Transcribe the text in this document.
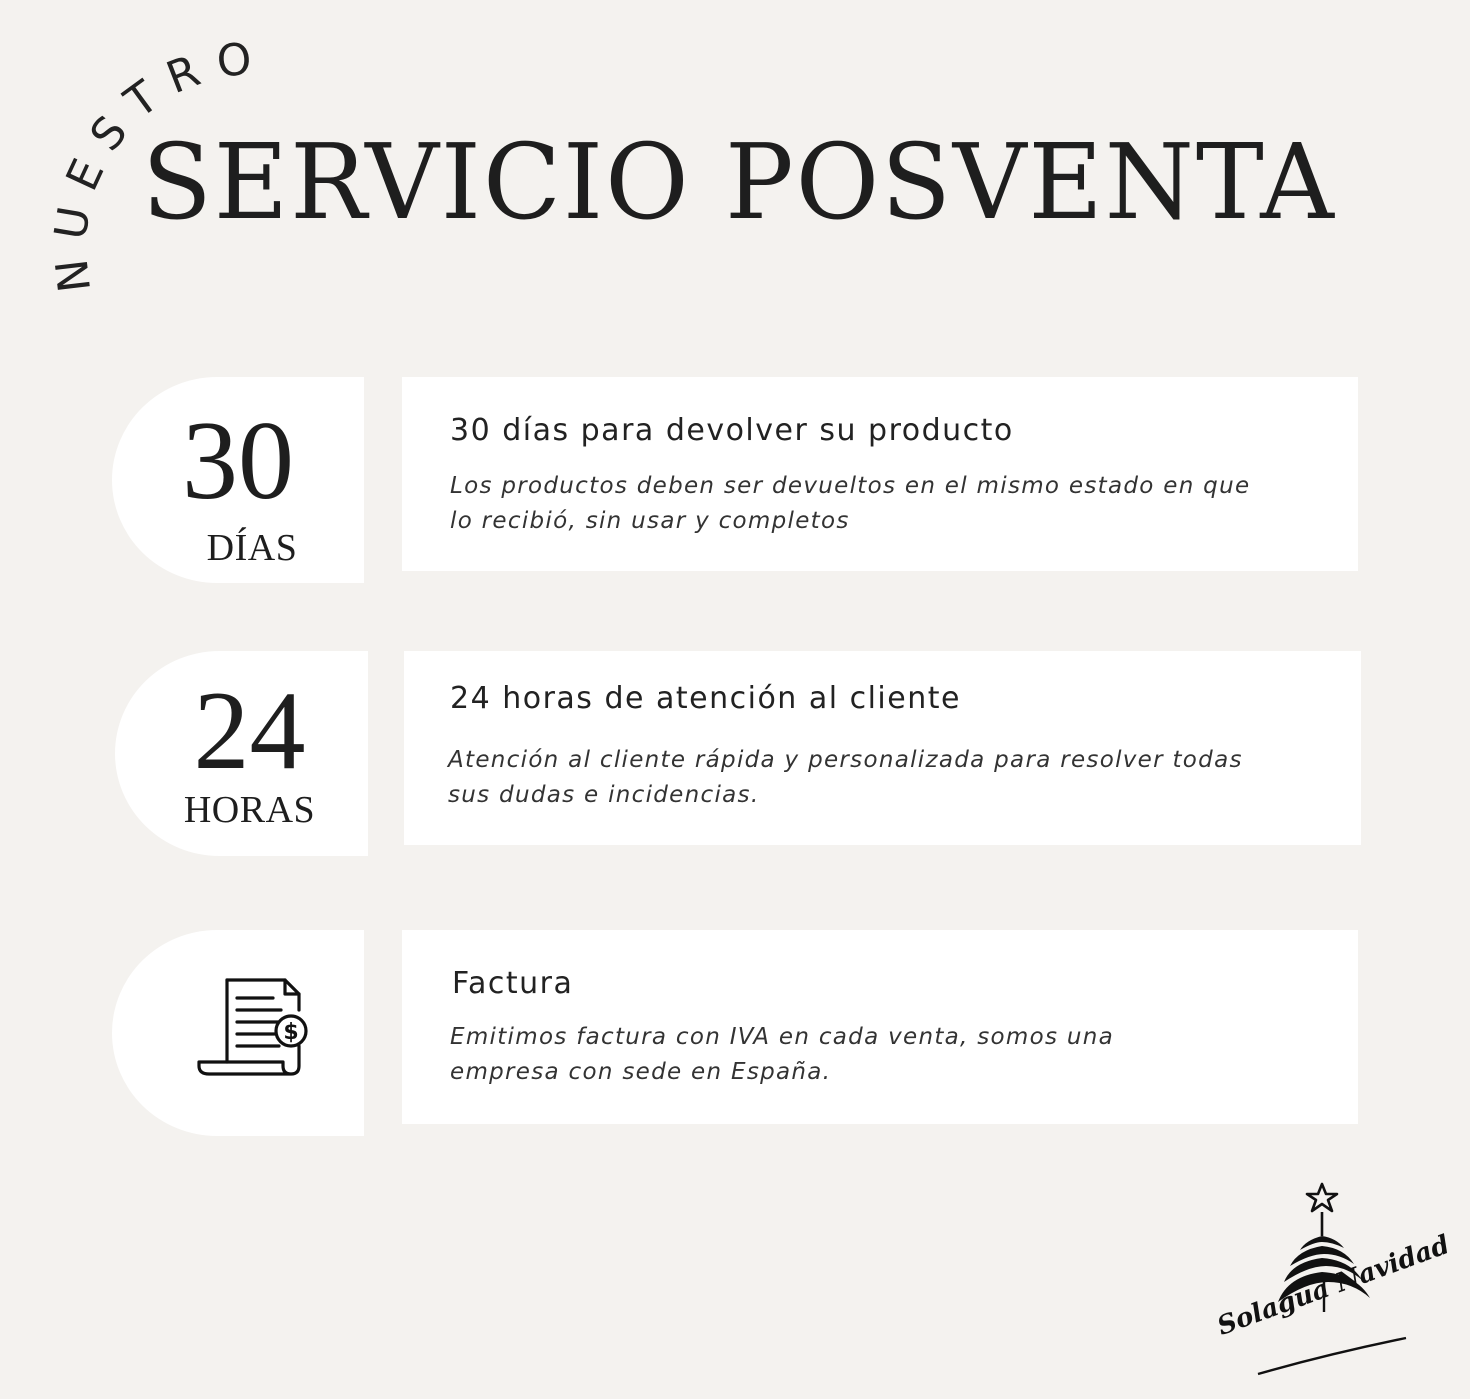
NUESTRO
SERVICIO POSVENTA
30
DÍAS
30 días para devolver su producto
Los productos deben ser devueltos en el mismo estado en que lo recibió, sin usar y completos
24
HORAS
24 horas de atención al cliente
Atención al cliente rápida y personalizada para resolver todas sus dudas e incidencias.
$
Factura
Emitimos factura con IVA en cada venta, somos una empresa con sede en España.
Solagua Navidad
